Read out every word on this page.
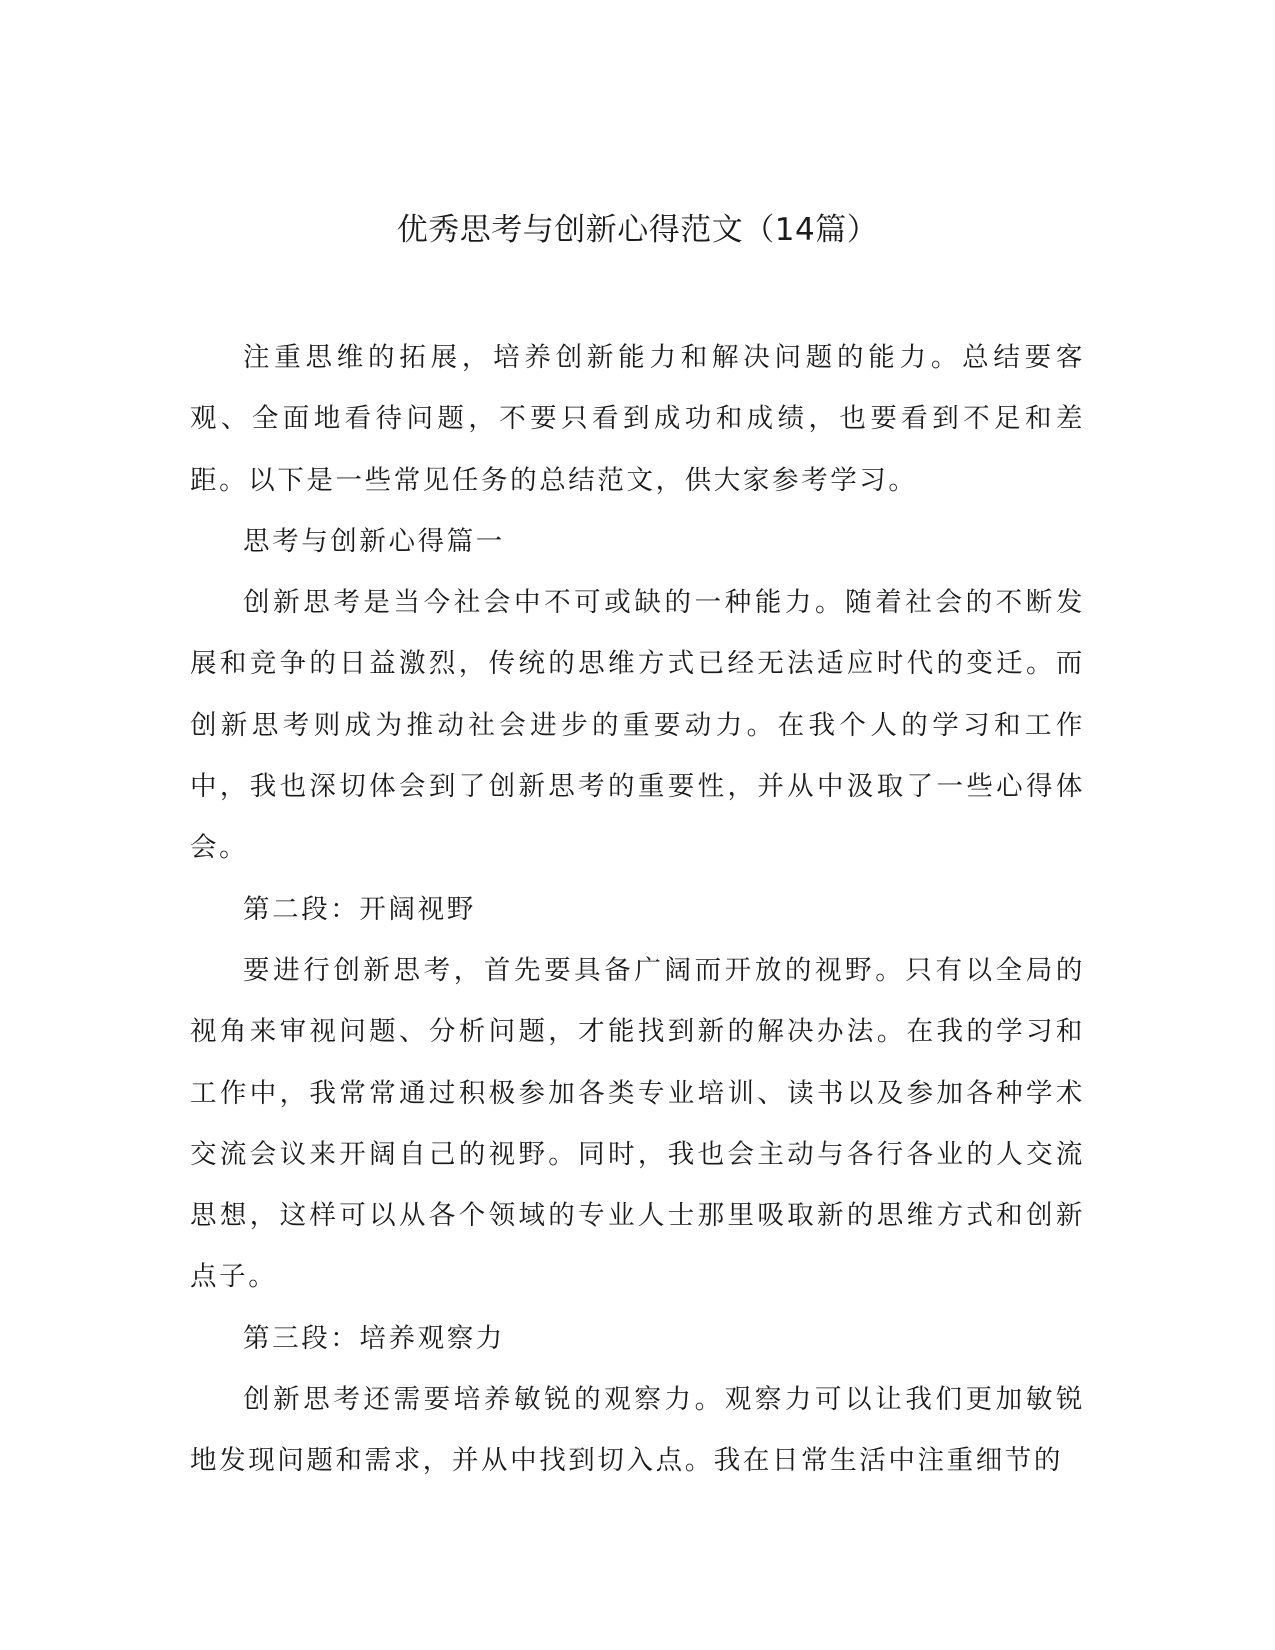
优秀思考与创新心得范文（14篇）

注重思维的拓展，培养创新能力和解决问题的能力。总结要客观、全面地看待问题，不要只看到成功和成绩，也要看到不足和差距。以下是一些常见任务的总结范文，供大家参考学习。

思考与创新心得篇一

创新思考是当今社会中不可或缺的一种能力。随着社会的不断发展和竞争的日益激烈，传统的思维方式已经无法适应时代的变迁。而创新思考则成为推动社会进步的重要动力。在我个人的学习和工作中，我也深切体会到了创新思考的重要性，并从中汲取了一些心得体会。

第二段：开阔视野

要进行创新思考，首先要具备广阔而开放的视野。只有以全局的视角来审视问题、分析问题，才能找到新的解决办法。在我的学习和工作中，我常常通过积极参加各类专业培训、读书以及参加各种学术交流会议来开阔自己的视野。同时，我也会主动与各行各业的人交流思想，这样可以从各个领域的专业人士那里吸取新的思维方式和创新点子。

第三段：培养观察力

创新思考还需要培养敏锐的观察力。观察力可以让我们更加敏锐地发现问题和需求，并从中找到切入点。我在日常生活中注重细节的
